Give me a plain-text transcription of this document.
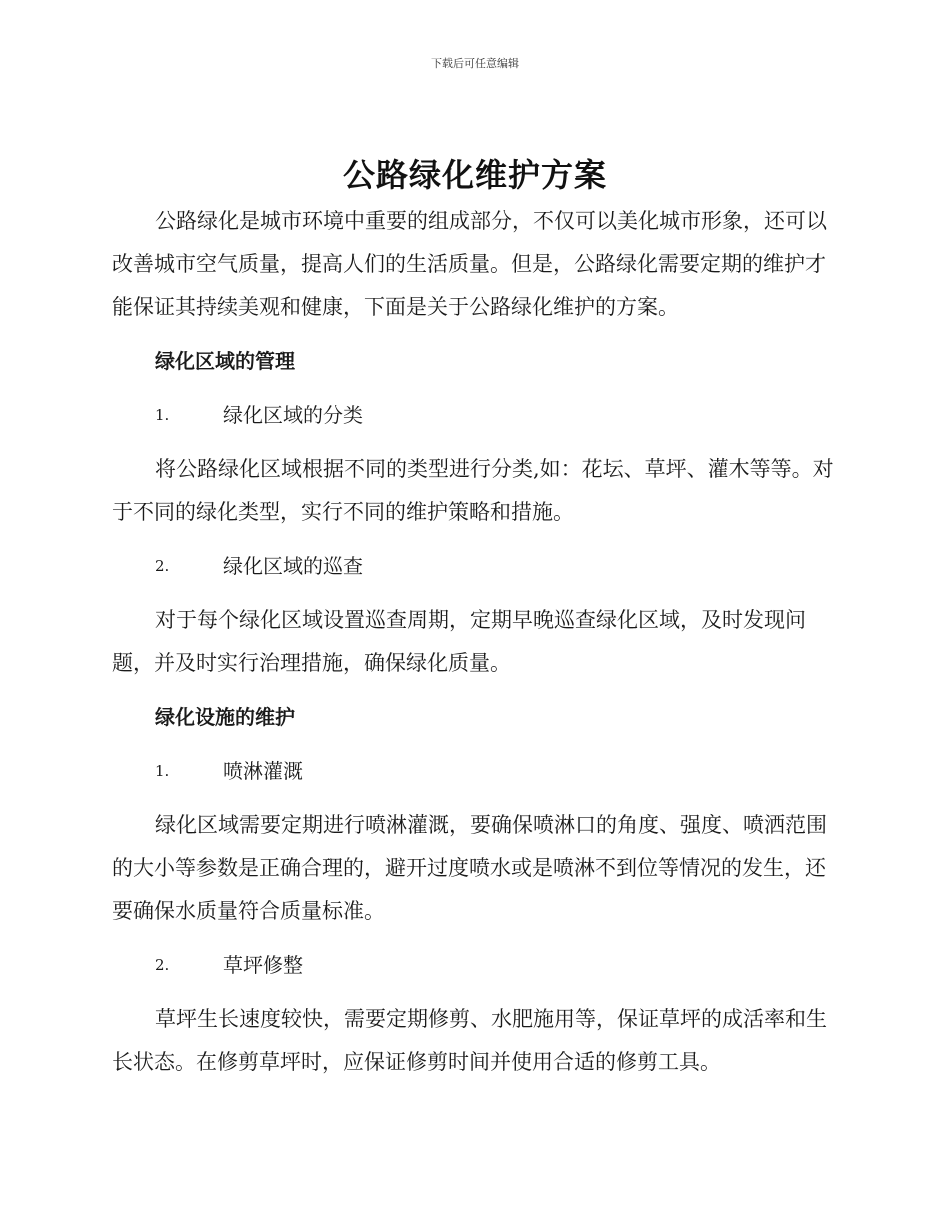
下载后可任意编辑
公路绿化维护方案

公路绿化是城市环境中重要的组成部分，不仅可以美化城市形象，还可以改善城市空气质量，提高人们的生活质量。但是，公路绿化需要定期的维护才能保证其持续美观和健康，下面是关于公路绿化维护的方案。

绿化区域的管理
1.	绿化区域的分类

将公路绿化区域根据不同的类型进行分类,如：花坛、草坪、灌木等等。对于不同的绿化类型，实行不同的维护策略和措施。

2.	绿化区域的巡查

对于每个绿化区域设置巡查周期，定期早晚巡查绿化区域，及时发现问题，并及时实行治理措施，确保绿化质量。

绿化设施的维护
1.	喷淋灌溉

绿化区域需要定期进行喷淋灌溉，要确保喷淋口的角度、强度、喷洒范围的大小等参数是正确合理的，避开过度喷水或是喷淋不到位等情况的发生，还要确保水质量符合质量标准。

2.	草坪修整

草坪生长速度较快，需要定期修剪、水肥施用等，保证草坪的成活率和生长状态。在修剪草坪时，应保证修剪时间并使用合适的修剪工具。
